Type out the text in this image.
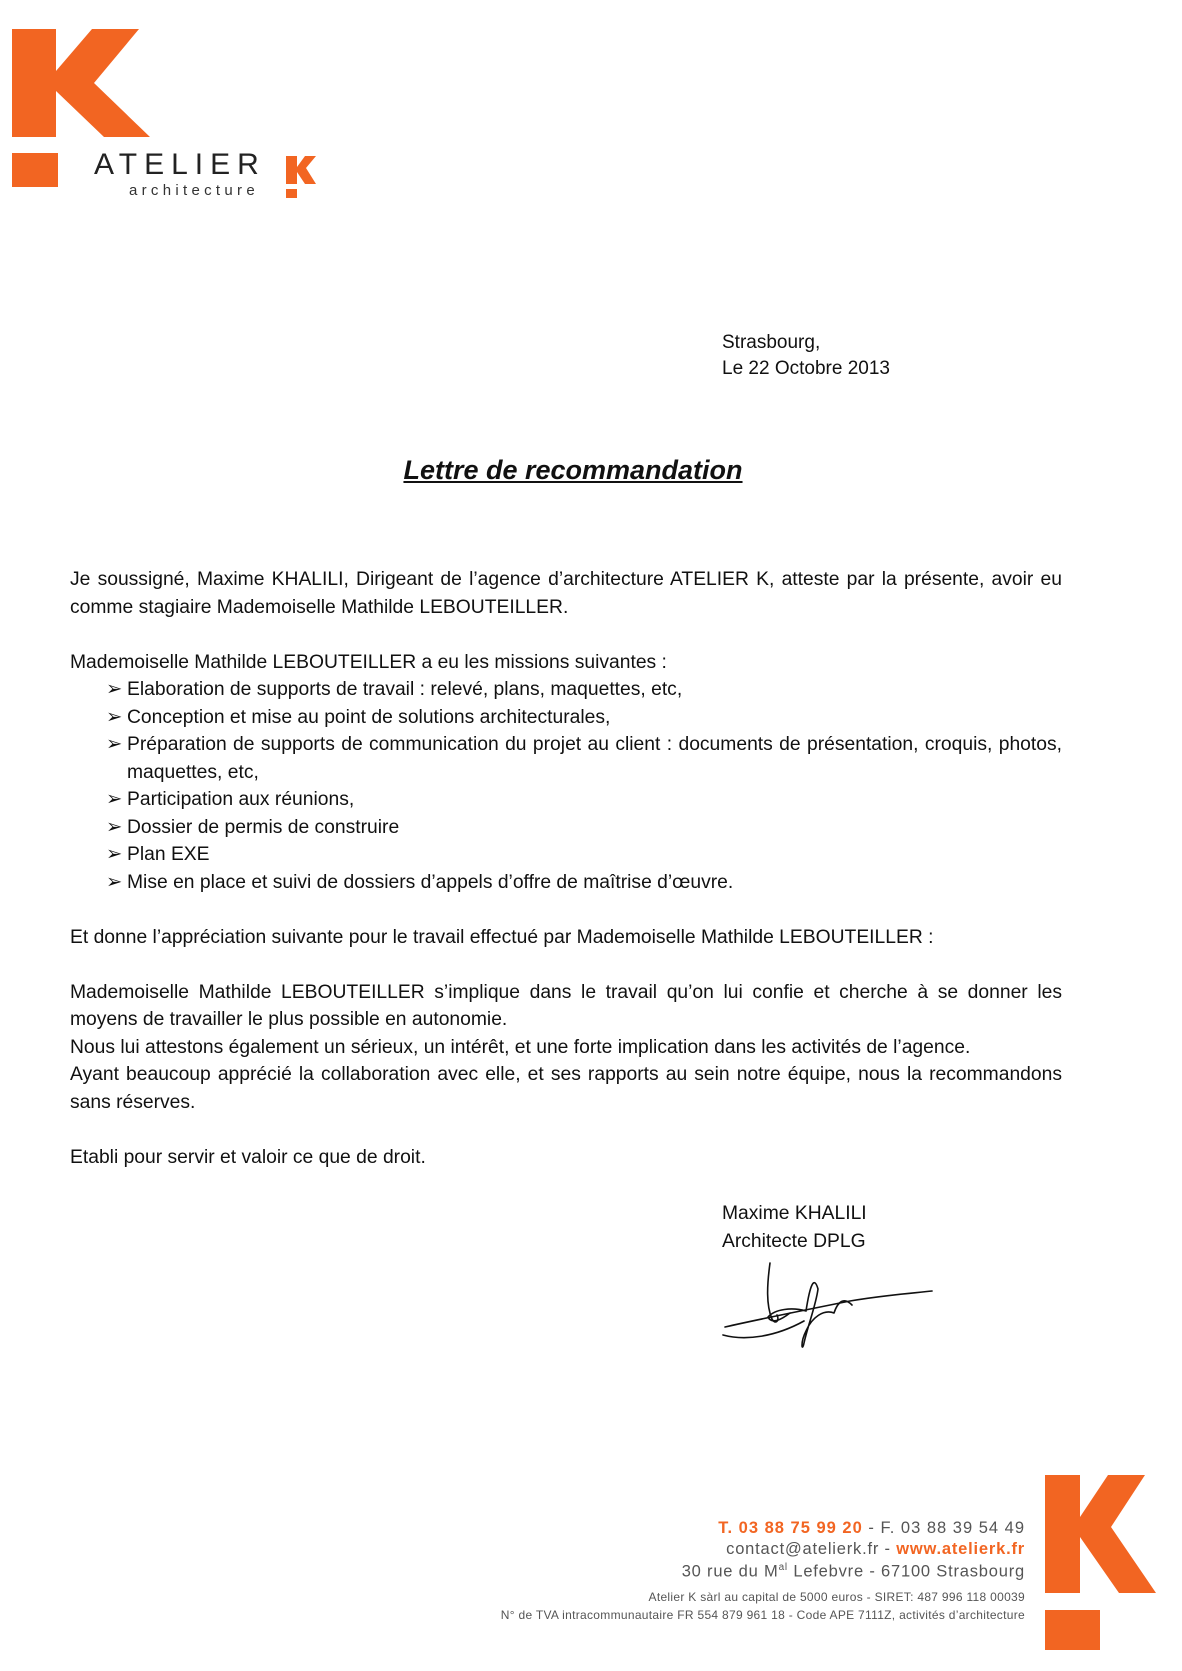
ATELIER
architecture
Strasbourg,
Le 22 Octobre 2013
Lettre de recommandation

Je soussigné, Maxime KHALILI, Dirigeant de l’agence d’architecture ATELIER K, atteste par la présente, avoir eu comme stagiaire Mademoiselle Mathilde LEBOUTEILLER.

Mademoiselle Mathilde LEBOUTEILLER a eu les missions suivantes :

➢ Elaboration de supports de travail : relevé, plans, maquettes, etc,
➢ Conception et mise au point de solutions architecturales,
➢ Préparation de supports de communication du projet au client : documents de présentation, croquis, photos, maquettes, etc,
➢ Participation aux réunions,
➢ Dossier de permis de construire
➢ Plan EXE
➢ Mise en place et suivi de dossiers d’appels d’offre de maîtrise d’œuvre.

Et donne l’appréciation suivante pour le travail effectué par Mademoiselle Mathilde LEBOUTEILLER :

Mademoiselle Mathilde LEBOUTEILLER s’implique dans le travail qu’on lui confie et cherche à se donner les moyens de travailler le plus possible en autonomie.

Nous lui attestons également un sérieux, un intérêt, et une forte implication dans les activités de l’agence.

Ayant beaucoup apprécié la collaboration avec elle, et ses rapports au sein notre équipe, nous la recommandons sans réserves.

Etabli pour servir et valoir ce que de droit.

Maxime KHALILI
Architecte DPLG
T. 03 88 75 99 20 - F. 03 88 39 54 49
contact@atelierk.fr - www.atelierk.fr
30 rue du $M^{al}$ Lefebvre - 67100 Strasbourg
Atelier K sàrl au capital de 5000 euros - SIRET: 487 996 118 00039
N° de TVA intracommunautaire FR 554 879 961 18 - Code APE 7111Z, activités d’architecture
